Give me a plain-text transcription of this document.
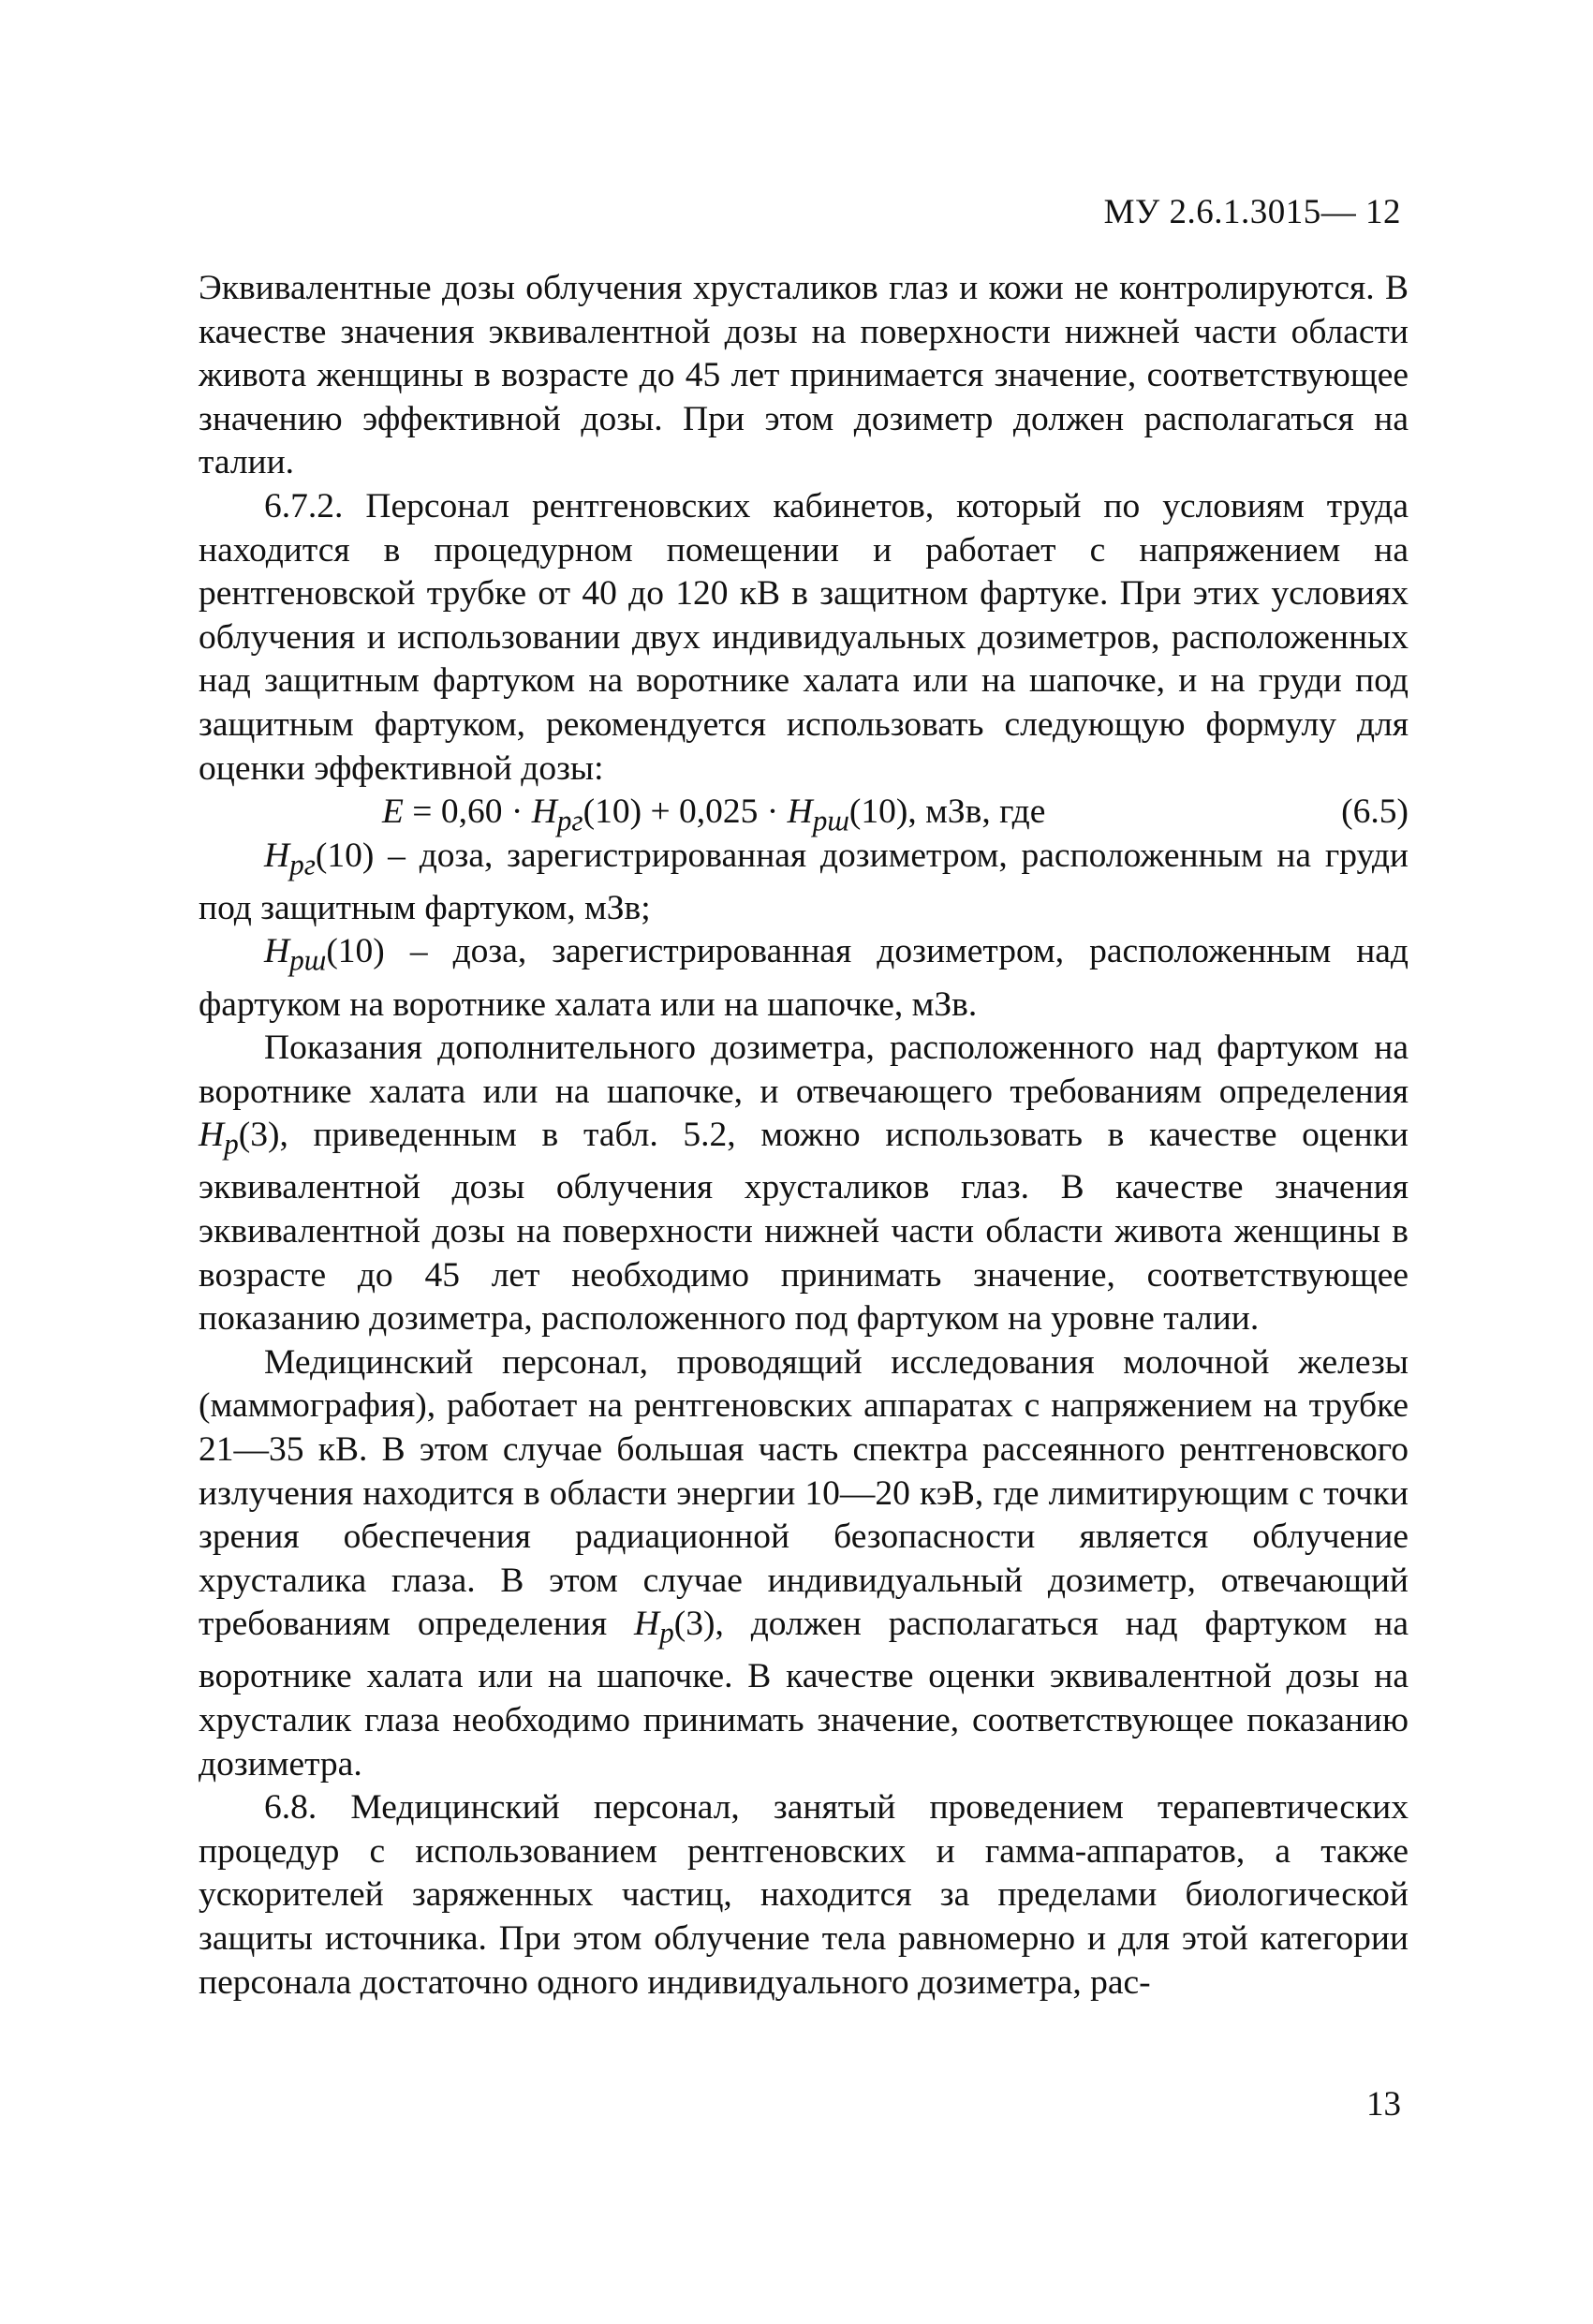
МУ 2.6.1.3015— 12

Эквивалентные дозы облучения хрусталиков глаз и кожи не контролируются. В качестве значения эквивалентной дозы на поверхности нижней части области живота женщины в возрасте до 45 лет принимается значение, соответствующее значению эффективной дозы. При этом дозиметр должен располагаться на талии.

6.7.2. Персонал рентгеновских кабинетов, который по условиям труда находится в процедурном помещении и работает с напряжением на рентгеновской трубке от 40 до 120 кВ в защитном фартуке. При этих условиях облучения и использовании двух индивидуальных дозиметров, расположенных над защитным фартуком на воротнике халата или на шапочке, и на груди под защитным фартуком, рекомендуется использовать следующую формулу для оценки эффективной дозы:

$E = 0,60 \cdot H_{pг}(10) + 0,025 \cdot H_{pш}(10)$, мЗв, где	(6.5)

$H_{pг}(10)$ – доза, зарегистрированная дозиметром, расположенным на груди под защитным фартуком, мЗв;

$H_{pш}(10)$ – доза, зарегистрированная дозиметром, расположенным над фартуком на воротнике халата или на шапочке, мЗв.

Показания дополнительного дозиметра, расположенного над фартуком на воротнике халата или на шапочке, и отвечающего требованиям определения $H_p(3)$, приведенным в табл. 5.2, можно использовать в качестве оценки эквивалентной дозы облучения хрусталиков глаз. В качестве значения эквивалентной дозы на поверхности нижней части области живота женщины в возрасте до 45 лет необходимо принимать значение, соответствующее показанию дозиметра, расположенного под фартуком на уровне талии.

Медицинский персонал, проводящий исследования молочной железы (маммография), работает на рентгеновских аппаратах с напряжением на трубке 21—35 кВ. В этом случае большая часть спектра рассеянного рентгеновского излучения находится в области энергии 10—20 кэВ, где лимитирующим с точки зрения обеспечения радиационной безопасности является облучение хрусталика глаза. В этом случае индивидуальный дозиметр, отвечающий требованиям определения $H_p(3)$, должен располагаться над фартуком на воротнике халата или на шапочке. В качестве оценки эквивалентной дозы на хрусталик глаза необходимо принимать значение, соответствующее показанию дозиметра.

6.8. Медицинский персонал, занятый проведением терапевтических процедур с использованием рентгеновских и гамма-аппаратов, а также ускорителей заряженных частиц, находится за пределами биологической защиты источника. При этом облучение тела равномерно и для этой категории персонала достаточно одного индивидуального дозиметра, рас-

13
